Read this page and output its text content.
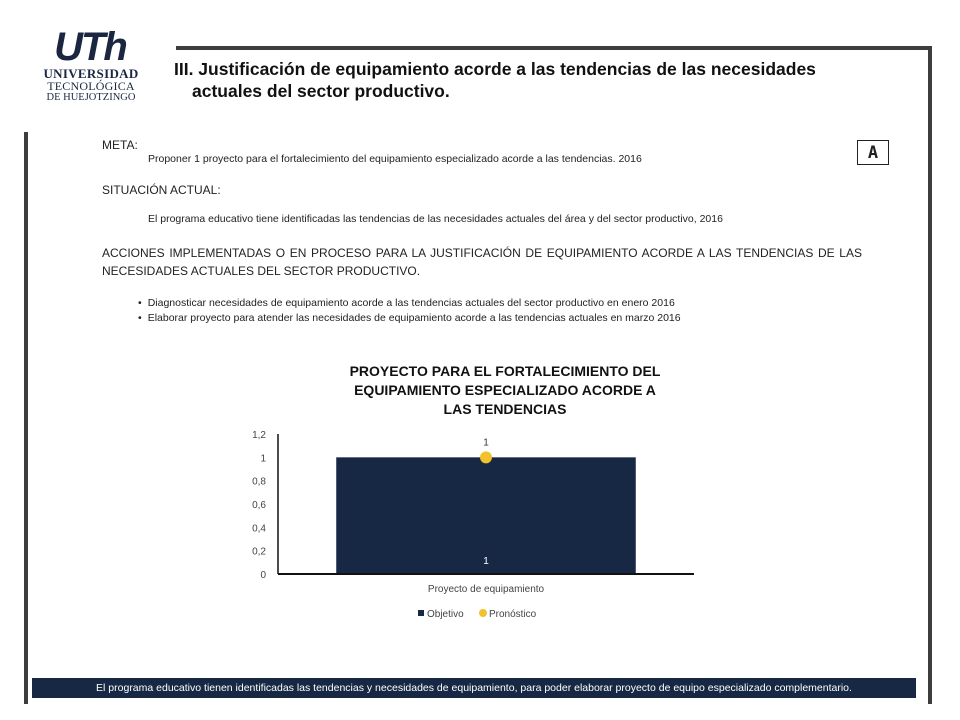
UTh
UNIVERSIDAD
TECNOLÓGICA
DE HUEJOTZINGO
III. Justificación de equipamiento acorde a las tendencias de las necesidades
actuales del sector productivo.
A
META:
Proponer 1 proyecto para el fortalecimiento del equipamiento especializado acorde a las tendencias. 2016
SITUACIÓN ACTUAL:
El programa educativo tiene identificadas las tendencias de las necesidades actuales del área y del sector productivo, 2016
ACCIONES IMPLEMENTADAS O EN PROCESO PARA LA JUSTIFICACIÓN DE EQUIPAMIENTO ACORDE A LAS TENDENCIAS DE LAS NECESIDADES ACTUALES DEL SECTOR PRODUCTIVO.
• Diagnosticar necesidades de equipamiento acorde a las tendencias actuales del sector productivo en enero 2016
• Elaborar proyecto para atender las necesidades de equipamiento acorde a las tendencias actuales en marzo 2016
PROYECTO PARA EL FORTALECIMIENTO DEL
EQUIPAMIENTO ESPECIALIZADO ACORDE A
LAS TENDENCIAS
0
0,2
0,4
0,6
0,8
1
1,2
1
1
Proyecto de equipamiento
Objetivo	Pronóstico
El programa educativo tienen identificadas las tendencias y necesidades de equipamiento, para poder elaborar proyecto de equipo especializado complementario.
